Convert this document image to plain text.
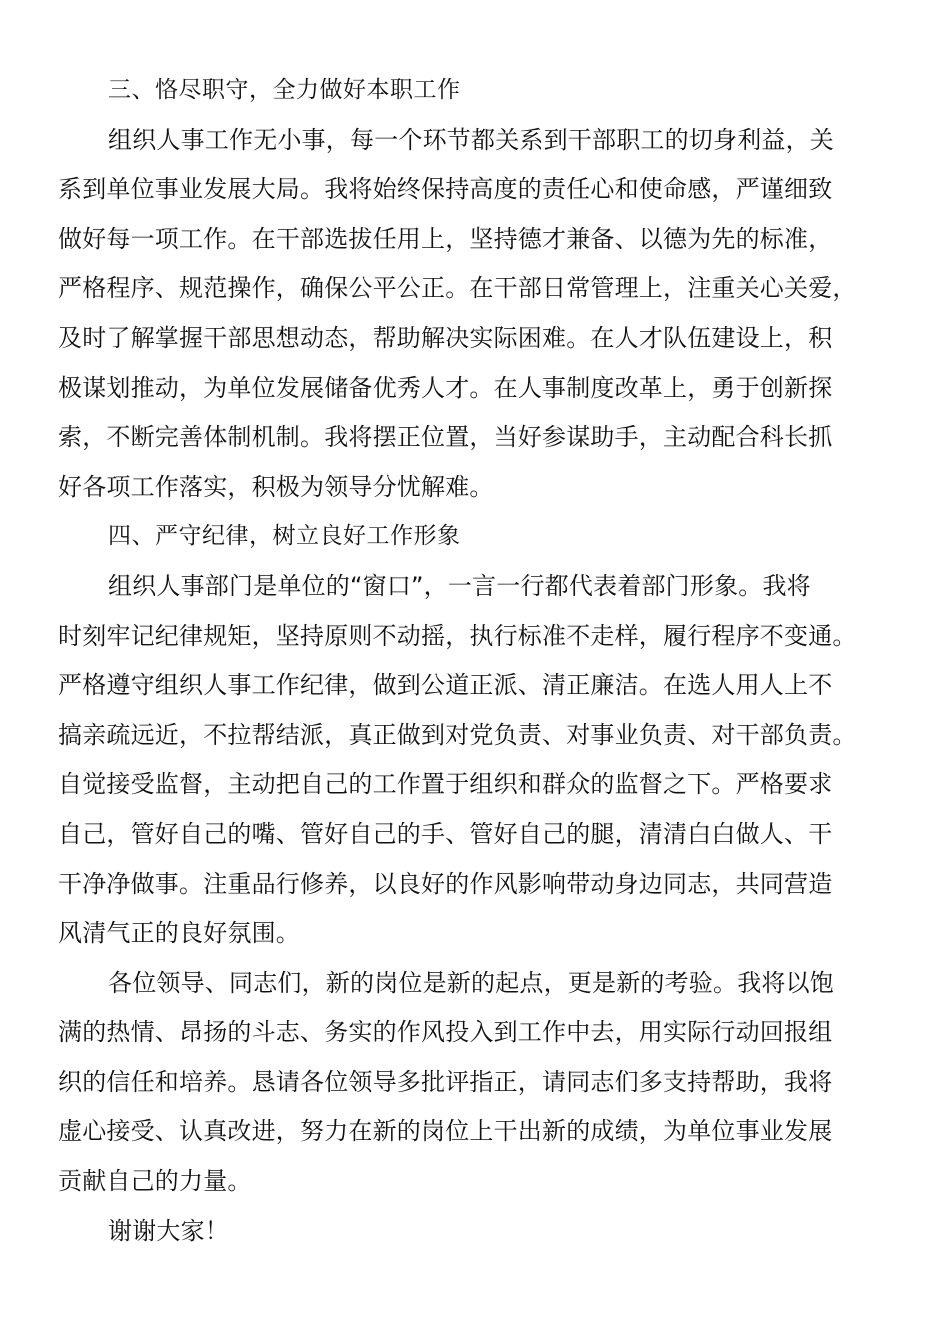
三、恪尽职守，全力做好本职工作
组织人事工作无小事，每一个环节都关系到干部职工的切身利益，关
系到单位事业发展大局。我将始终保持高度的责任心和使命感，严谨细致
做好每一项工作。在干部选拔任用上，坚持德才兼备、以德为先的标准，
严格程序、规范操作，确保公平公正。在干部日常管理上，注重关心关爱，
及时了解掌握干部思想动态，帮助解决实际困难。在人才队伍建设上，积
极谋划推动，为单位发展储备优秀人才。在人事制度改革上，勇于创新探
索，不断完善体制机制。我将摆正位置，当好参谋助手，主动配合科长抓
好各项工作落实，积极为领导分忧解难。
四、严守纪律，树立良好工作形象
组织人事部门是单位的“窗口”，一言一行都代表着部门形象。我将
时刻牢记纪律规矩，坚持原则不动摇，执行标准不走样，履行程序不变通。
严格遵守组织人事工作纪律，做到公道正派、清正廉洁。在选人用人上不
搞亲疏远近，不拉帮结派，真正做到对党负责、对事业负责、对干部负责。
自觉接受监督，主动把自己的工作置于组织和群众的监督之下。严格要求
自己，管好自己的嘴、管好自己的手、管好自己的腿，清清白白做人、干
干净净做事。注重品行修养，以良好的作风影响带动身边同志，共同营造
风清气正的良好氛围。
各位领导、同志们，新的岗位是新的起点，更是新的考验。我将以饱
满的热情、昂扬的斗志、务实的作风投入到工作中去，用实际行动回报组
织的信任和培养。恳请各位领导多批评指正，请同志们多支持帮助，我将
虚心接受、认真改进，努力在新的岗位上干出新的成绩，为单位事业发展
贡献自己的力量。
谢谢大家！
